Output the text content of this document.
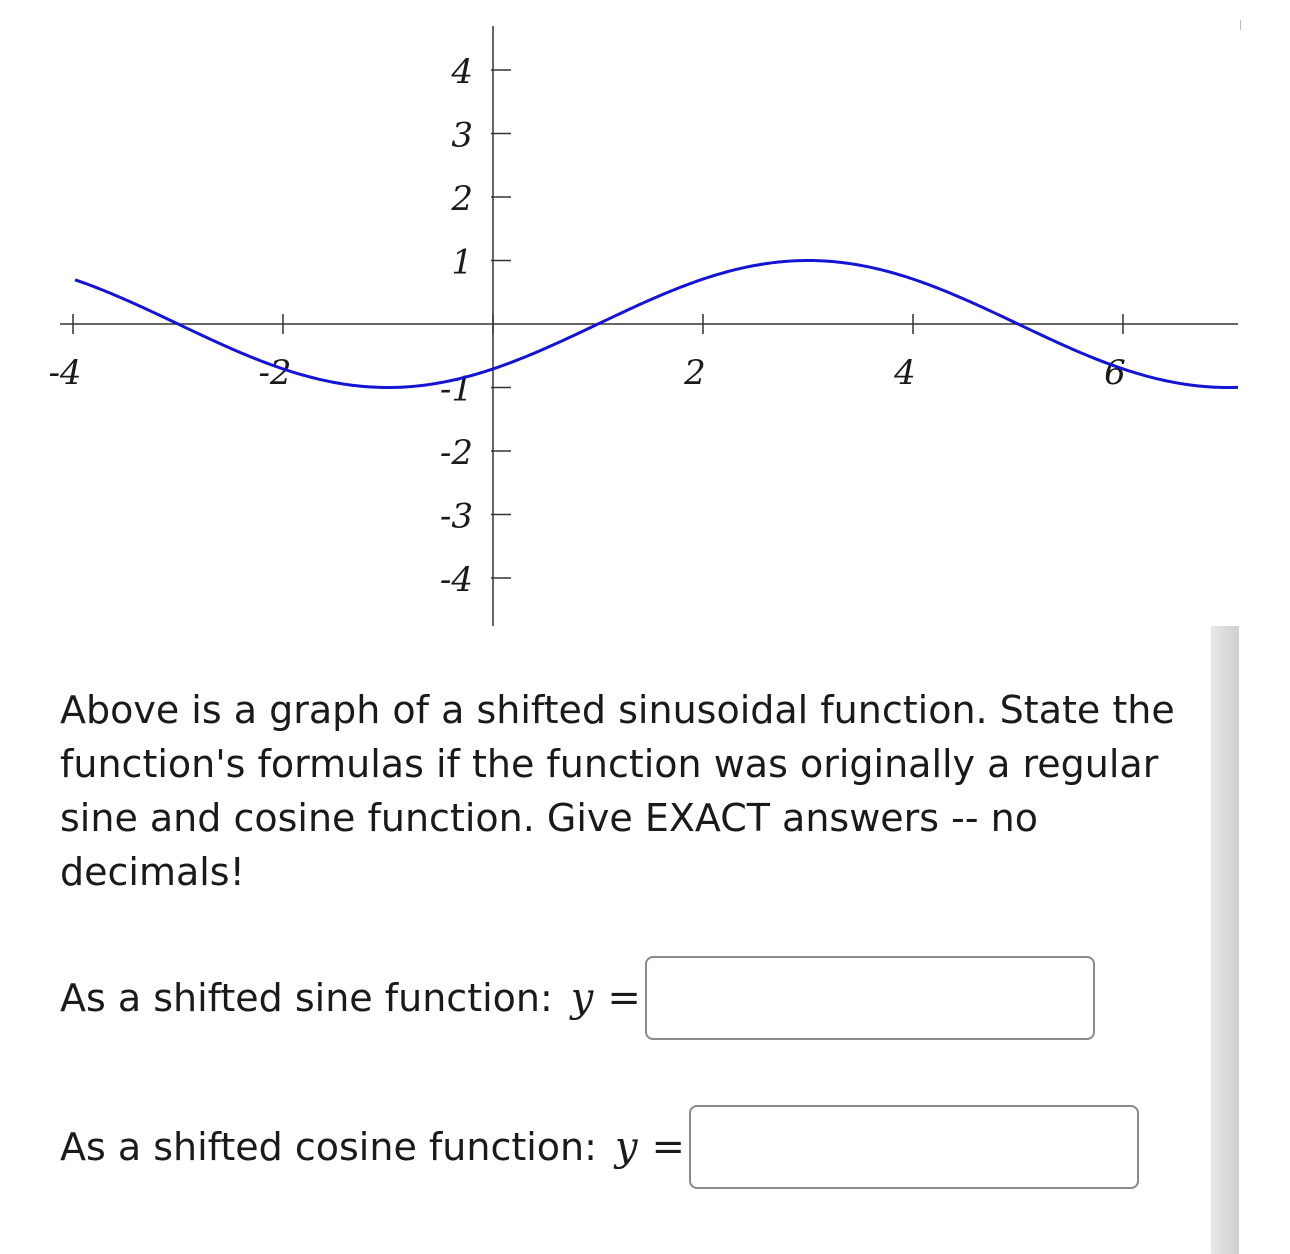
-4	-2	2	4	6
-4
-3
-2
-1
1
2
3
4

Above is a graph of a shifted sinusoidal function. State the function's formulas if the function was originally a regular sine and cosine function. Give EXACT answers -- no decimals!

As a shifted sine function: y =
As a shifted cosine function: y =
